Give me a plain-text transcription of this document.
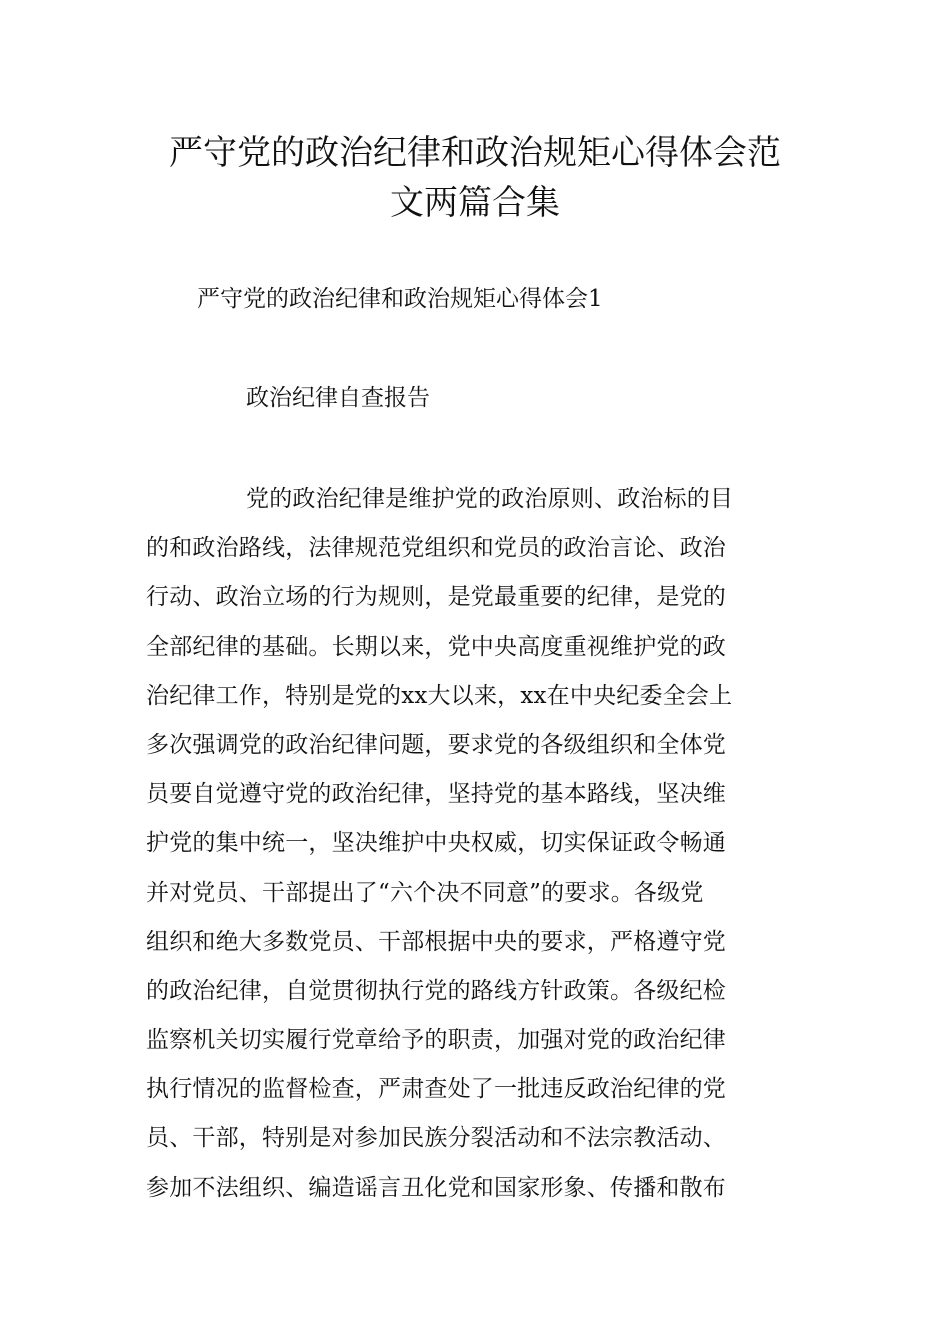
严守党的政治纪律和政治规矩心得体会范
文两篇合集

严守党的政治纪律和政治规矩心得体会1

政治纪律自查报告

党的政治纪律是维护党的政治原则、政治标的目
的和政治路线，法律规范党组织和党员的政治言论、政治
行动、政治立场的行为规则，是党最重要的纪律，是党的
全部纪律的基础。长期以来，党中央高度重视维护党的政
治纪律工作，特别是党的xx大以来，xx在中央纪委全会上
多次强调党的政治纪律问题，要求党的各级组织和全体党
员要自觉遵守党的政治纪律，坚持党的基本路线，坚决维
护党的集中统一，坚决维护中央权威，切实保证政令畅通
并对党员、干部提出了“六个决不同意”的要求。各级党
组织和绝大多数党员、干部根据中央的要求，严格遵守党
的政治纪律，自觉贯彻执行党的路线方针政策。各级纪检
监察机关切实履行党章给予的职责，加强对党的政治纪律
执行情况的监督检查，严肃查处了一批违反政治纪律的党
员、干部，特别是对参加民族分裂活动和不法宗教活动、
参加不法组织、编造谣言丑化党和国家形象、传播和散布
